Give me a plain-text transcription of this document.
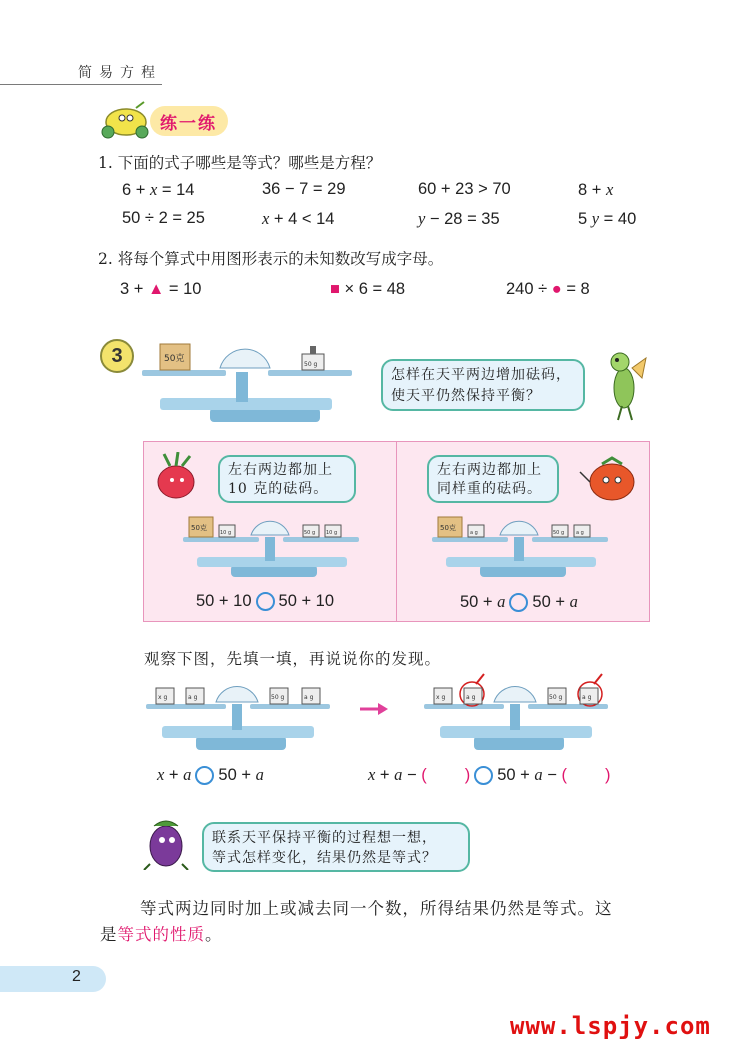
简易方程
练一练
1. 下面的式子哪些是等式？哪些是方程？
6 + x = 14	36 − 7 = 29	60 + 23 > 70	8 + x
50 ÷ 2 = 25	x + 4 < 14	y − 28 = 35	5 y = 40
2. 将每个算式中用图形表示的未知数改写成字母。
3 + ▲ = 10	■ × 6 = 48	240 ÷ ● = 8
3	50克
50 g
怎样在天平两边增加砝码，
使天平仍然保持平衡？
左右两边都加上
10 克的砝码。
50克
10 g	50 g 10 g
50 + 10 50 + 10
左右两边都加上
同样重的砝码。
50克
a g	50 g a g
50 + a 50 + a
观察下图，先填一填，再说说你的发现。
x g	a g	50 g	a g	x g	a g	50 g	a g
x + a 50 + a	x + a − ( ) 50 + a − ( )
联系天平保持平衡的过程想一想，
等式怎样变化，结果仍然是等式？
等式两边同时加上或减去同一个数，所得结果仍然是等式。这
是等式的性质。
2
www.lspjy.com
